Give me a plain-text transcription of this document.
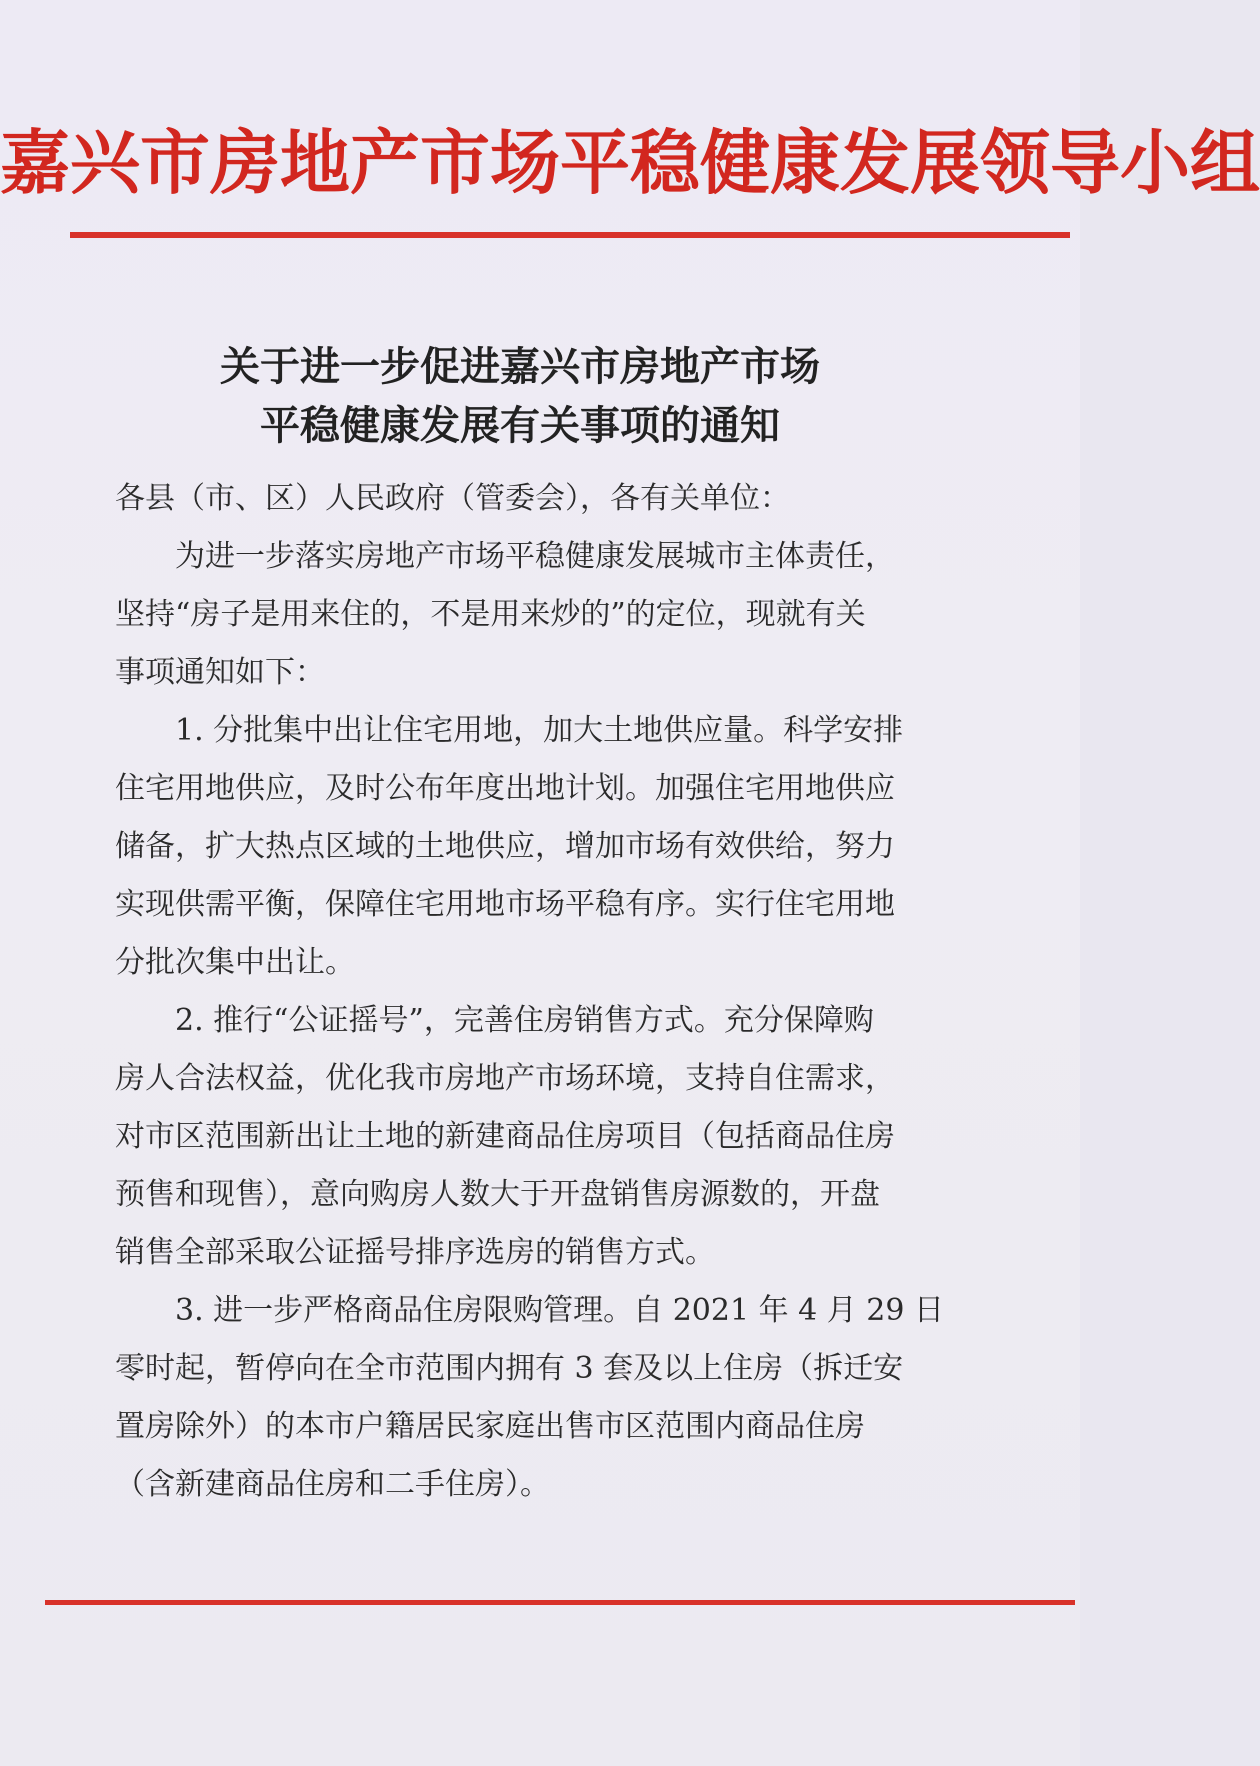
嘉兴市房地产市场平稳健康发展领导小组
关于进一步促进嘉兴市房地产市场
平稳健康发展有关事项的通知
各县（市、区）人民政府（管委会），各有关单位：
为进一步落实房地产市场平稳健康发展城市主体责任，
坚持“房子是用来住的，不是用来炒的”的定位，现就有关
事项通知如下：
1. 分批集中出让住宅用地，加大土地供应量。科学安排
住宅用地供应，及时公布年度出地计划。加强住宅用地供应
储备，扩大热点区域的土地供应，增加市场有效供给，努力
实现供需平衡，保障住宅用地市场平稳有序。实行住宅用地
分批次集中出让。
2. 推行“公证摇号”，完善住房销售方式。充分保障购
房人合法权益，优化我市房地产市场环境，支持自住需求，
对市区范围新出让土地的新建商品住房项目（包括商品住房
预售和现售），意向购房人数大于开盘销售房源数的，开盘
销售全部采取公证摇号排序选房的销售方式。
3. 进一步严格商品住房限购管理。自 2021 年 4 月 29 日
零时起，暂停向在全市范围内拥有 3 套及以上住房（拆迁安
置房除外）的本市户籍居民家庭出售市区范围内商品住房
（含新建商品住房和二手住房）。
